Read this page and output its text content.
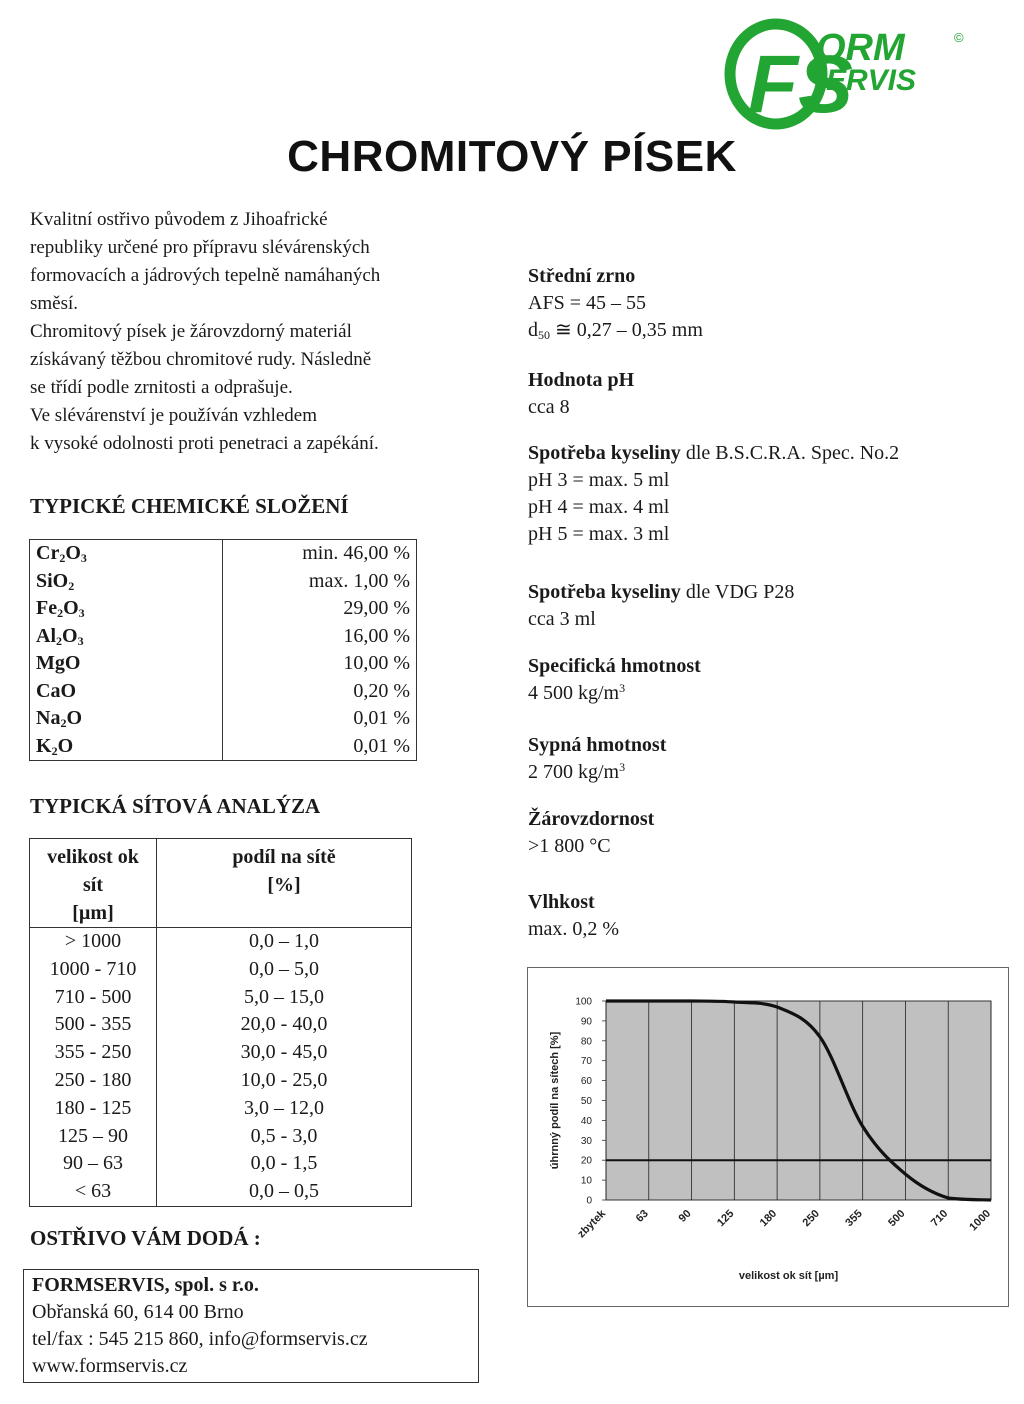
FS
ORM
ERVIS
©
CHROMITOVÝ PÍSEK
Kvalitní ostřivo původem z Jihoafrické
republiky určené pro přípravu slévárenských
formovacích a jádrových tepelně namáhaných
směsí.
Chromitový písek je žárovzdorný materiál
získávaný těžbou chromitové rudy. Následně
se třídí podle zrnitosti a odprašuje.
Ve slévárenství je používán vzhledem
k vysoké odolnosti proti penetraci a zapékání.
TYPICKÉ CHEMICKÉ SLOŽENÍ
$Cr_2O_3$	min. 46,00 %
SiO$_2$	max. 1,00 %
$Fe_2O_3$	29,00 %
$Al_2O_3$	16,00 %
MgO	10,00 %
CaO	0,20 %
$Na_2O$	0,01 %
$K_2O$	0,01 %
TYPICKÁ SÍTOVÁ ANALÝZA
velikost ok
sít
[µm]	podíl na sítě
[%]

> 1000	0,0 – 1,0
1000 - 710	0,0 – 5,0
710 - 500	5,0 – 15,0
500 - 355	20,0 - 40,0
355 - 250	30,0 - 45,0
250 - 180	10,0 - 25,0
180 - 125	3,0 – 12,0
125 – 90	0,5 - 3,0
90 – 63	0,0 - 1,5
< 63	0,0 – 0,5
OSTŘIVO VÁM DODÁ :
FORMSERVIS, spol. s r.o.
Obřanská 60, 614 00 Brno
tel/fax : 545 215 860, info@formservis.cz
www.formservis.cz
Střední zrno
AFS = 45 – 55
$d_{50}$ ≅ 0,27 – 0,35 mm
Hodnota pH
cca 8
Spotřeba kyseliny dle B.S.C.R.A. Spec. No.2
pH 3 = max. 5 ml
pH 4 = max. 4 ml
pH 5 = max. 3 ml
Spotřeba kyseliny dle VDG P28
cca 3 ml
Specifická hmotnost
4 500 $kg/m^3$
Sypná hmotnost
2 700 $kg/m^3$
Žárovzdornost
>1 800 °C
Vlhkost
max. 0,2 %
0
10
20
30
40
50
60
70
80
90
100
zbytek 63 90 125 180 250 355 500 710 1000
velikost ok sít [µm]
úhrnný podíl na sítech [%]
